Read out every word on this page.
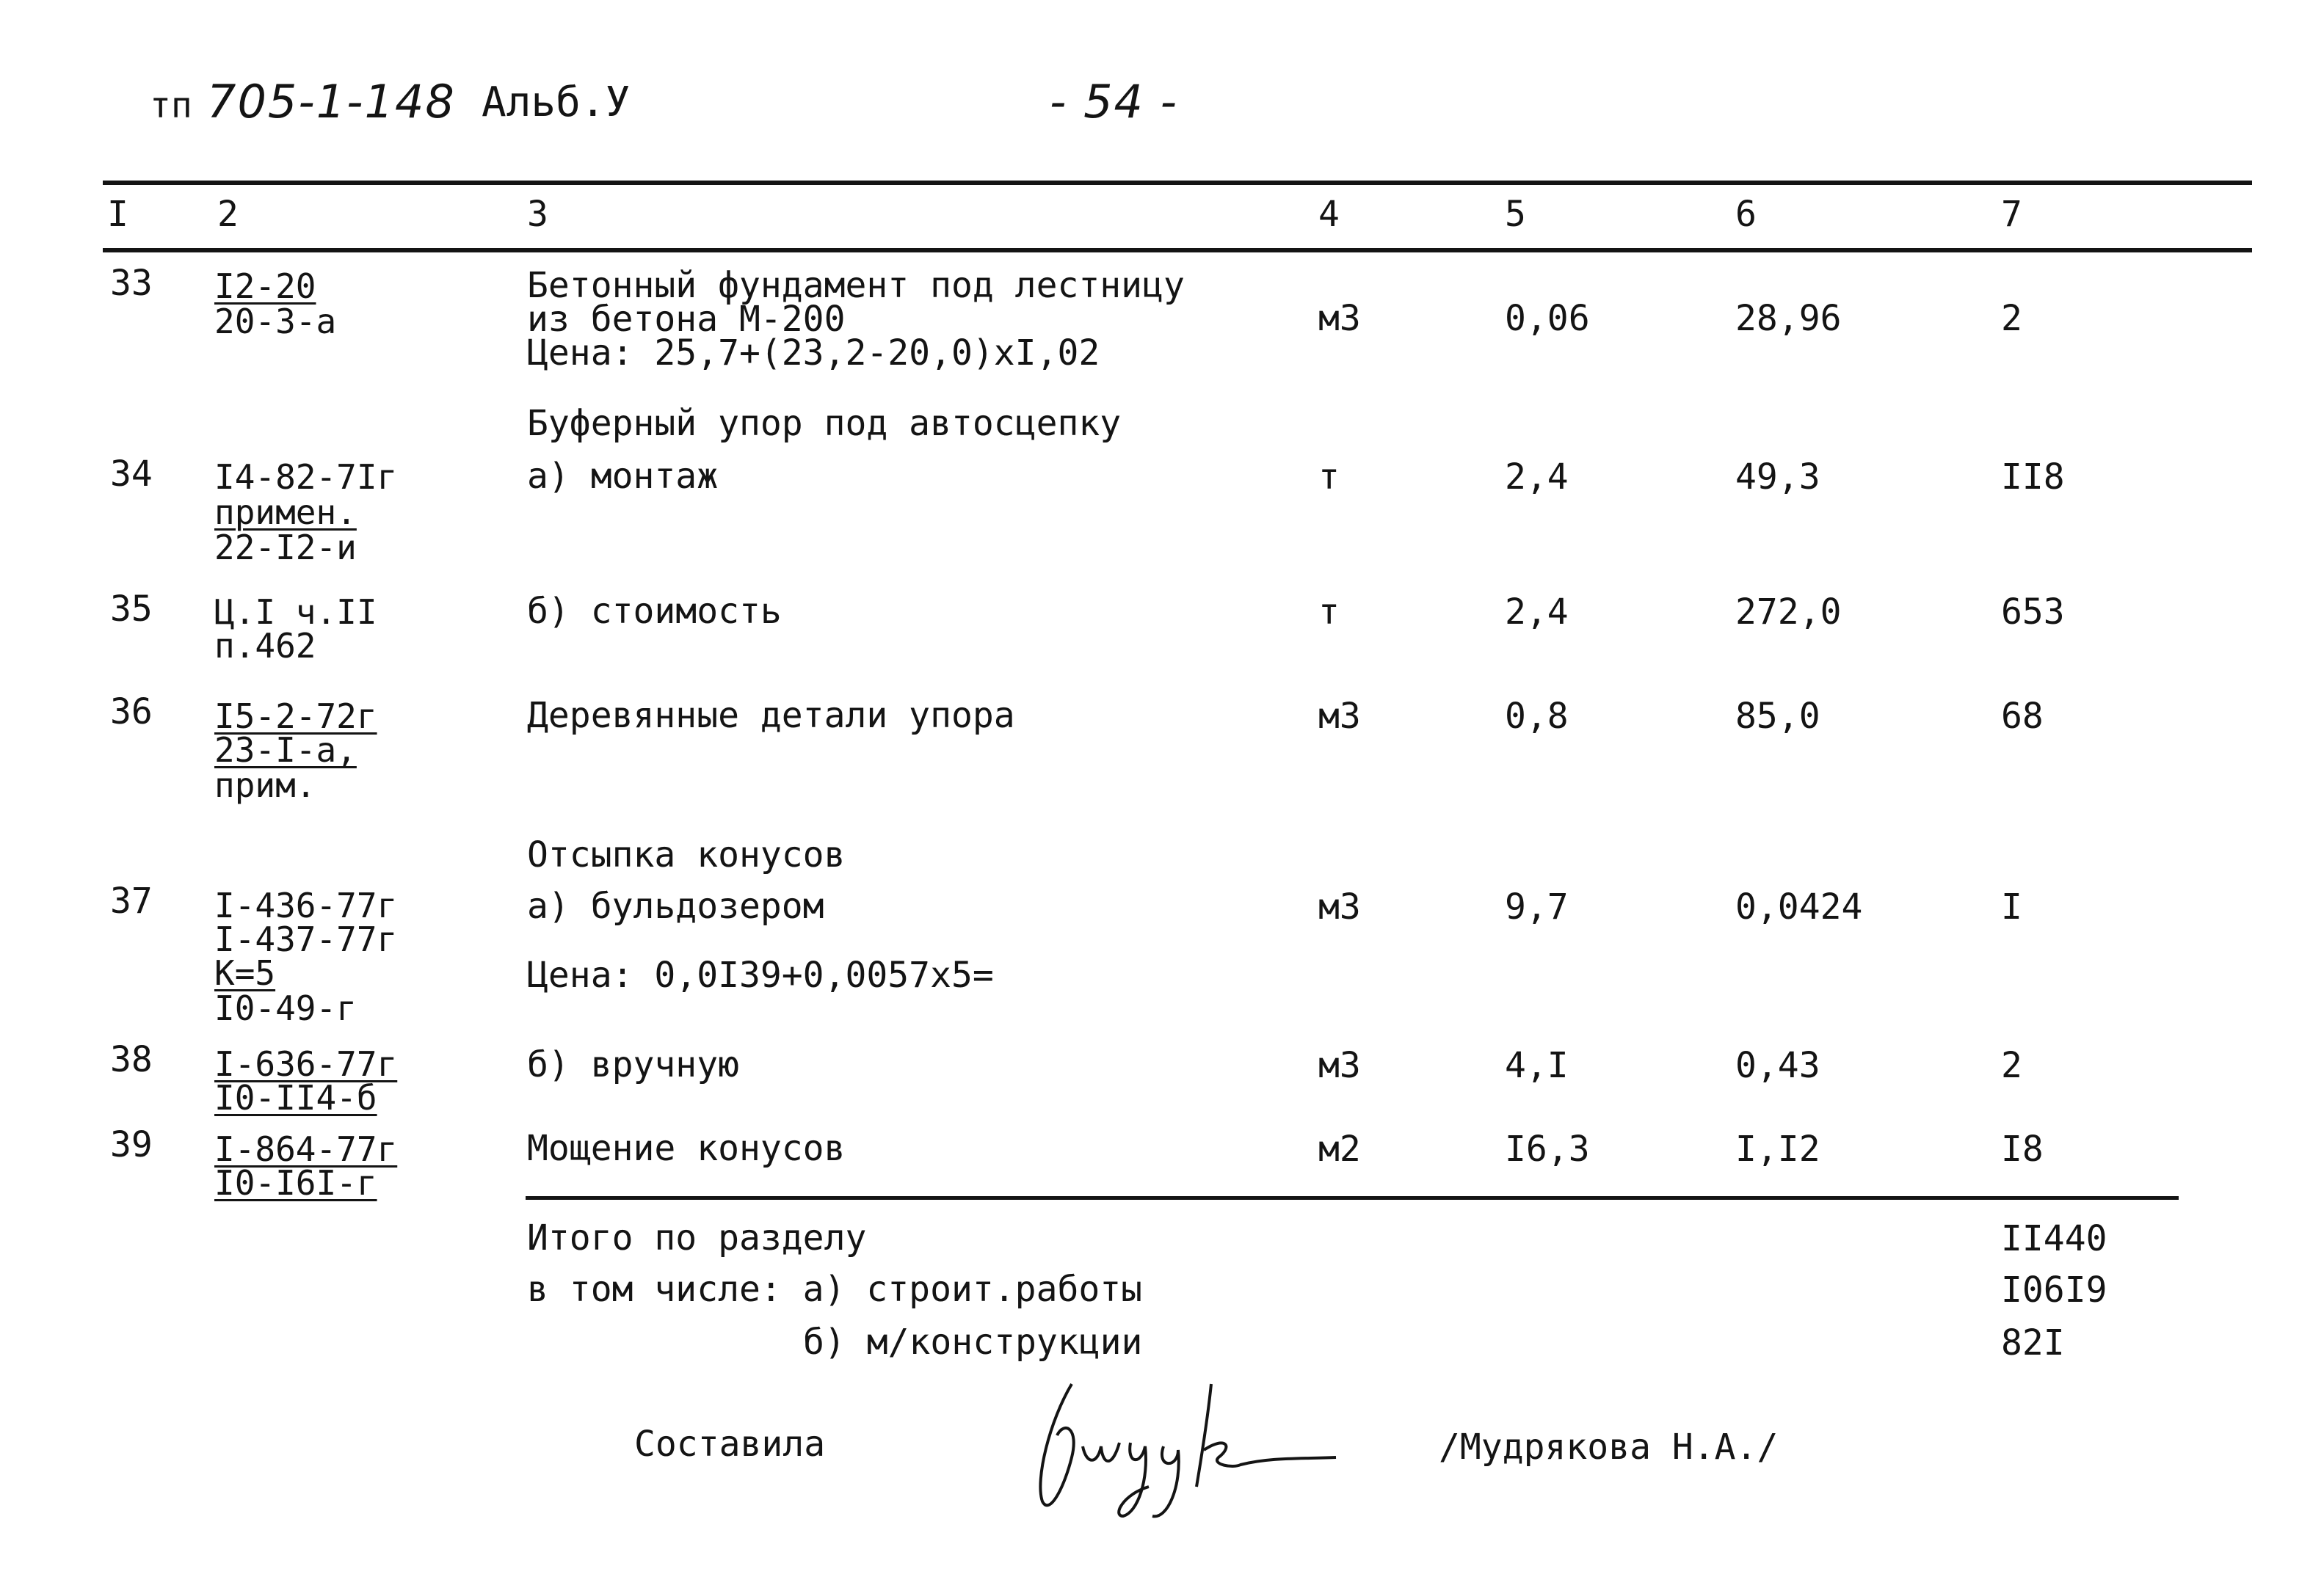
тп 705-1-148 Альб.У	- 54 -
I	2	3	4	5	6	7
33 I2-20
20-3-a
Бетонный фундамент под лестницу
из бетона М-200
Цена: 25,7+(23,2-20,0)xI,02
м3	0,06	28,96	2
Буферный упор под автосцепку
34 I4-82-7Iг
примен.
22-I2-и
а) монтаж	т	2,4	49,3	II8
35 Ц.I ч.II
п.462
б) стоимость	т	2,4	272,0	653
36 I5-2-72г
23-I-a,
прим.
Деревянные детали упора	м3	0,8	85,0	68
Отсыпка конусов
37 I-436-77г
I-437-77г
К=5
I0-49-г
а) бульдозером
Цена: 0,0I39+0,0057x5=
м3	9,7	0,0424	I
38 I-636-77г
I0-II4-б
б) вручную	м3	4,I	0,43	2
39 I-864-77г
I0-I6I-г
Мощение конусов	м2	I6,3	I,I2	I8
Итого по разделу	II440
в том числе: а) строит.работы	I06I9
б) м/конструкции	82I
Составила	/Мудрякова Н.А./
